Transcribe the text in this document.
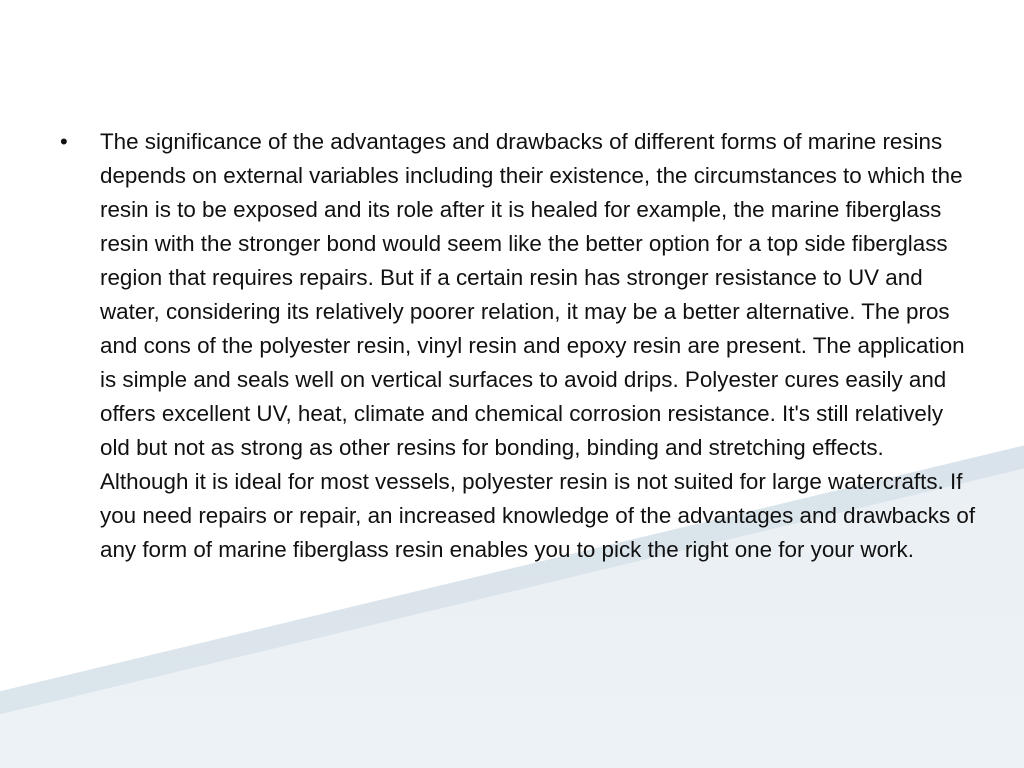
•	The significance of the advantages and drawbacks of different forms of marine resins depends on external variables including their existence, the circumstances to which the resin is to be exposed and its role after it is healed for example, the marine fiberglass resin with the stronger bond would seem like the better option for a top side fiberglass region that requires repairs. But if a certain resin has stronger resistance to UV and water, considering its relatively poorer relation, it may be a better alternative. The pros and cons of the polyester resin, vinyl resin and epoxy resin are present. The application is simple and seals well on vertical surfaces to avoid drips. Polyester cures easily and offers excellent UV, heat, climate and chemical corrosion resistance. It's still relatively old but not as strong as other resins for bonding, binding and stretching effects. Although it is ideal for most vessels, polyester resin is not suited for large watercrafts. If you need repairs or repair, an increased knowledge of the advantages and drawbacks of any form of marine fiberglass resin enables you to pick the right one for your work.
